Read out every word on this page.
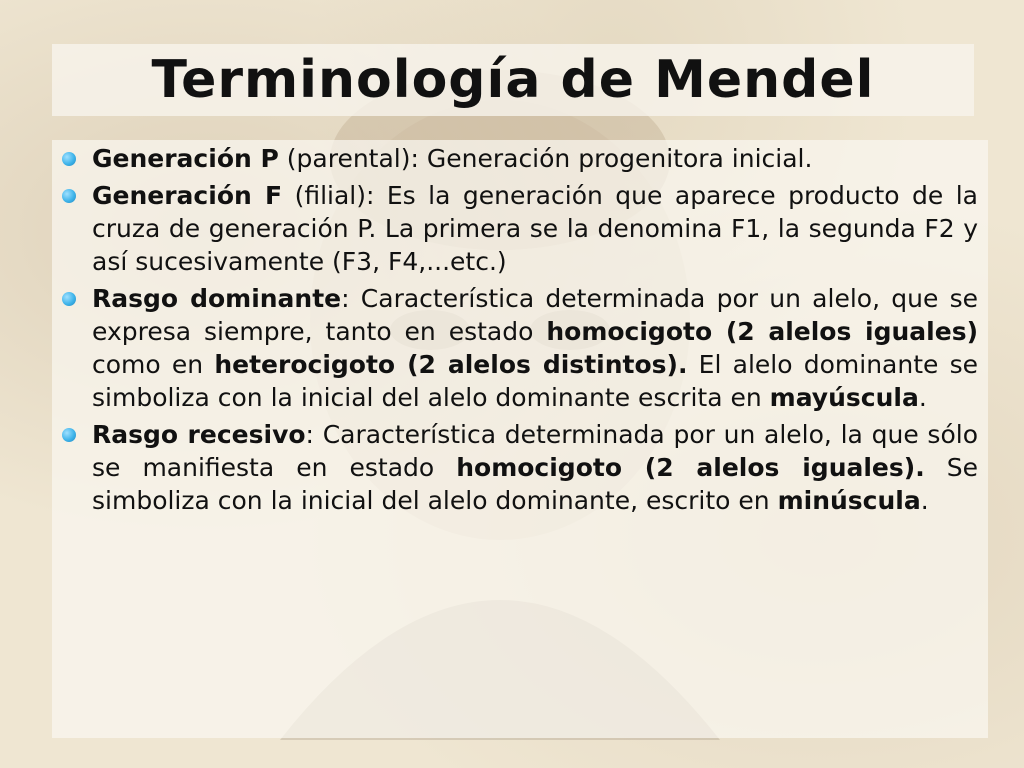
Terminología de Mendel
Generación P (parental): Generación progenitora inicial.
Generación F (filial): Es la generación que aparece producto de la cruza de generación P. La primera se la denomina F1, la segunda F2 y así sucesivamente (F3, F4,...etc.)
Rasgo dominante: Característica determinada por un alelo, que se expresa siempre, tanto en estado homocigoto (2 alelos iguales) como en heterocigoto (2 alelos distintos). El alelo dominante se simboliza con la inicial del alelo dominante escrita en mayúscula.
Rasgo recesivo: Característica determinada por un alelo, la que sólo se manifiesta en estado homocigoto (2 alelos iguales). Se simboliza con la inicial del alelo dominante, escrito en minúscula.
